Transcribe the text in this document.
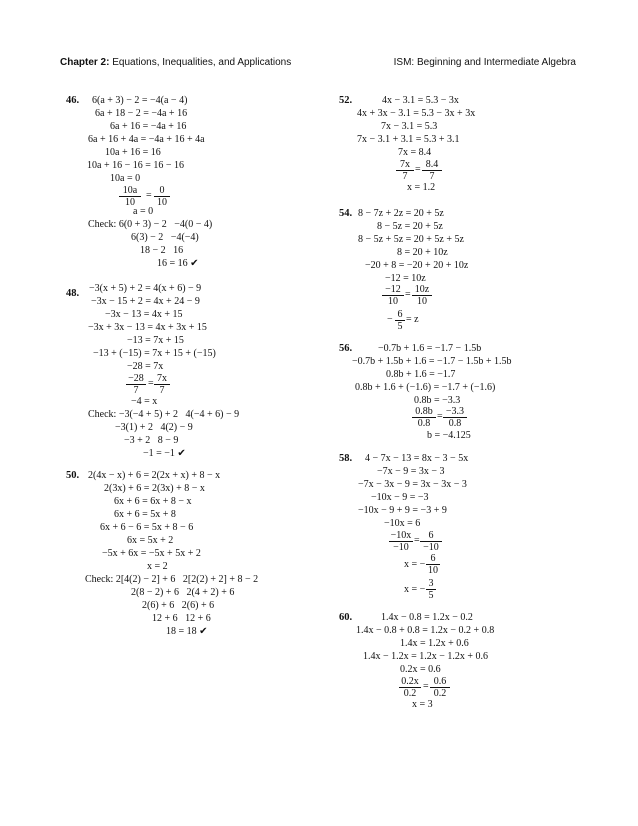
Chapter 2: Equations, Inequalities, and Applications	ISM: Beginning and Intermediate Algebra
46. 6(a + 3) − 2 = −4(a − 4)
6a + 18 − 2 = −4a + 16
6a + 16 = −4a + 16
6a + 16 + 4a = −4a + 16 + 4a
10a + 16 = 16
10a + 16 − 16 = 16 − 16
10a = 0
$\frac{10a}{10} = \frac{0}{10}$
a = 0
Check: 6(0 + 3) − 2   −4(0 − 4)
6(3) − 2   −4(−4)
18 − 2   16
16 = 16 ✔
48. −3(x + 5) + 2 = 4(x + 6) − 9
−3x − 15 + 2 = 4x + 24 − 9
−3x − 13 = 4x + 15
−3x + 3x − 13 = 4x + 3x + 15
−13 = 7x + 15
−13 + (−15) = 7x + 15 + (−15)
−28 = 7x
$\frac{-28}{7} = \frac{7x}{7}$
−4 = x
Check: −3(−4 + 5) + 2   4(−4 + 6) − 9
−3(1) + 2   4(2) − 9
−3 + 2   8 − 9
−1 = −1 ✔
50. 2(4x − x) + 6 = 2(2x + x) + 8 − x
2(3x) + 6 = 2(3x) + 8 − x
6x + 6 = 6x + 8 − x
6x + 6 = 5x + 8
6x + 6 − 6 = 5x + 8 − 6
6x = 5x + 2
−5x + 6x = −5x + 5x + 2
x = 2
Check: 2[4(2) − 2] + 6   2[2(2) + 2] + 8 − 2
2(8 − 2) + 6   2(4 + 2) + 6
2(6) + 6   2(6) + 6
12 + 6   12 + 6
18 = 18 ✔
52.	4x − 3.1 = 5.3 − 3x
4x + 3x − 3.1 = 5.3 − 3x + 3x
7x − 3.1 = 5.3
7x − 3.1 + 3.1 = 5.3 + 3.1
7x = 8.4
$\frac{7x}{7} = \frac{8.4}{7}$
x = 1.2
54. 8 − 7z + 2z = 20 + 5z
8 − 5z = 20 + 5z
8 − 5z + 5z = 20 + 5z + 5z
8 = 20 + 10z
−20 + 8 = −20 + 20 + 10z
−12 = 10z
$\frac{-12}{10} = \frac{10z}{10}$
− $\frac{6}{5} = z$
56.	−0.7b + 1.6 = −1.7 − 1.5b
−0.7b + 1.5b + 1.6 = −1.7 − 1.5b + 1.5b
0.8b + 1.6 = −1.7
0.8b + 1.6 + (−1.6) = −1.7 + (−1.6)
0.8b = −3.3
$\frac{0.8b}{0.8} = \frac{-3.3}{0.8}$
b = −4.125
58. 4 − 7x − 13 = 8x − 3 − 5x
−7x − 9 = 3x − 3
−7x − 3x − 9 = 3x − 3x − 3
−10x − 9 = −3
−10x − 9 + 9 = −3 + 9
−10x = 6
$\frac{-10x}{-10} = \frac{6}{-10}$
x = − $\frac{6}{10}$
x = − $\frac{3}{5}$
60.	1.4x − 0.8 = 1.2x − 0.2
1.4x − 0.8 + 0.8 = 1.2x − 0.2 + 0.8
1.4x = 1.2x + 0.6
1.4x − 1.2x = 1.2x − 1.2x + 0.6
0.2x = 0.6
$\frac{0.2x}{0.2} = \frac{0.6}{0.2}$
x = 3
